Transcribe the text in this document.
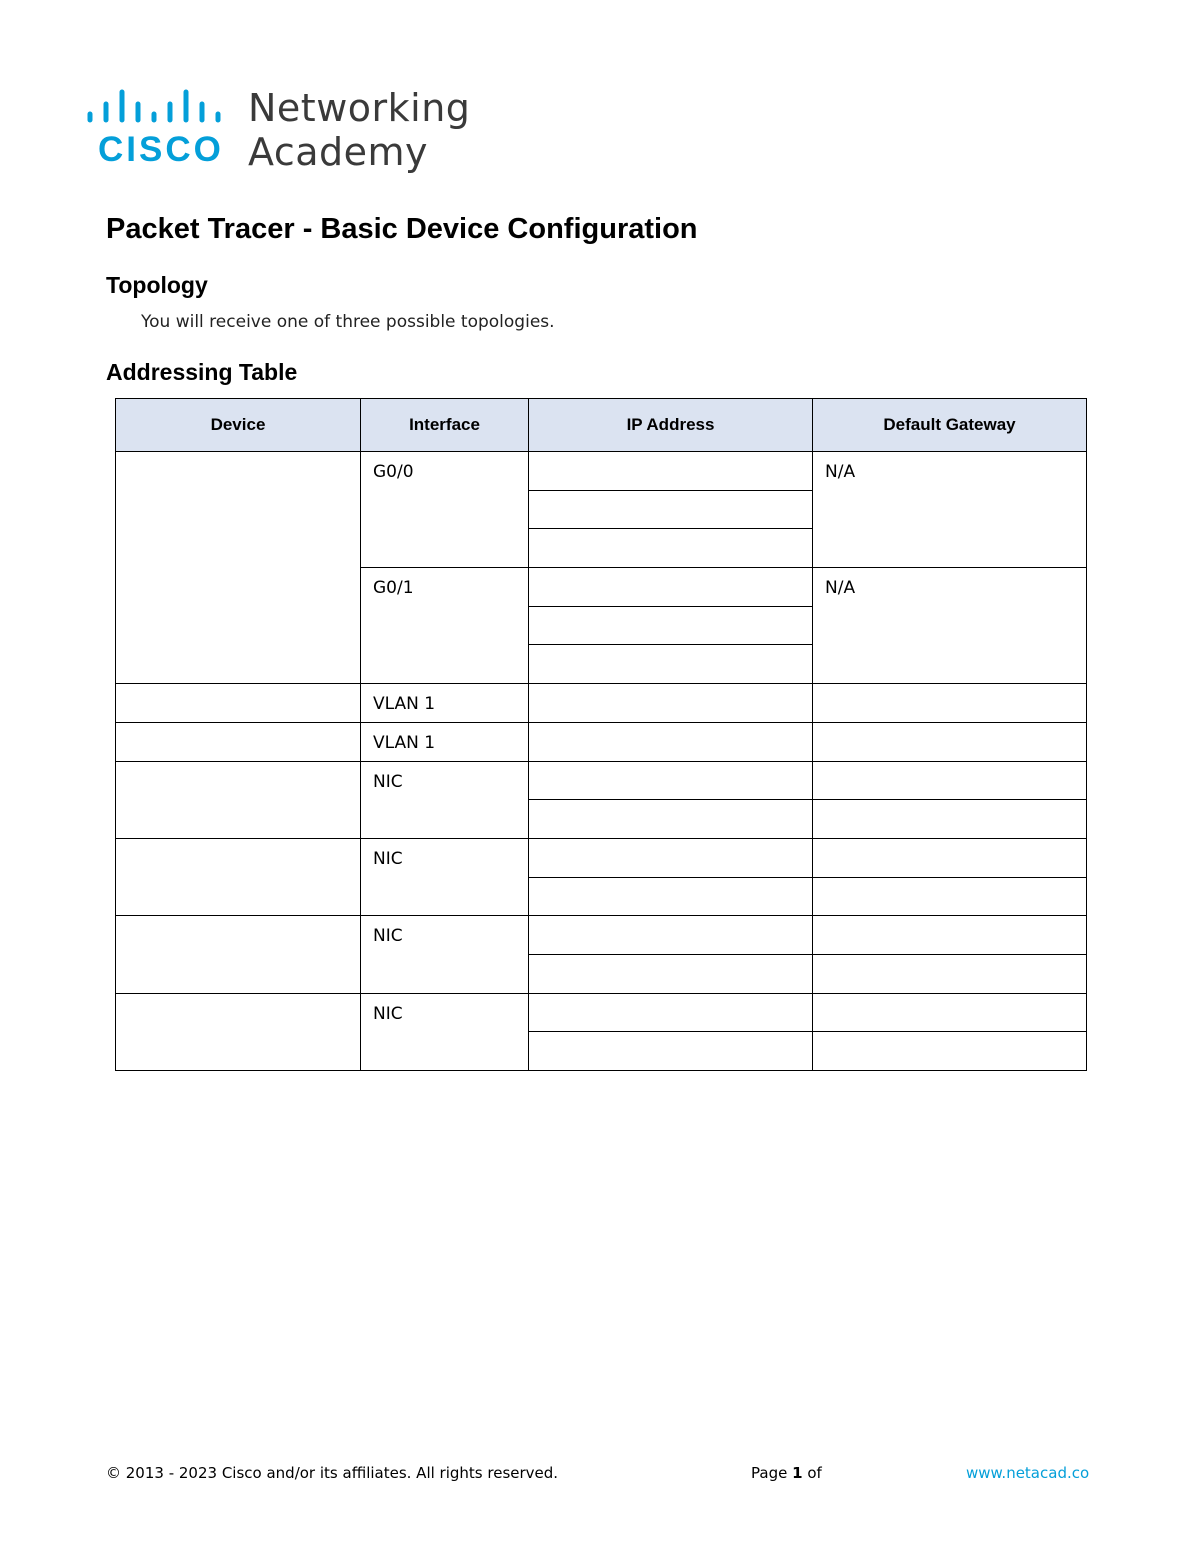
CISCO
Networking
Academy
Packet Tracer - Basic Device Configuration
Topology
You will receive one of three possible topologies.
Addressing Table
Device	Interface	IP Address	Default Gateway
	G0/0		N/A

	G0/1		N/A

	VLAN 1		
	VLAN 1		
	NIC		

	NIC		

	NIC		

	NIC		

© 2013 - 2023 Cisco and/or its affiliates. All rights reserved.	Page 1 of	www.netacad.co
